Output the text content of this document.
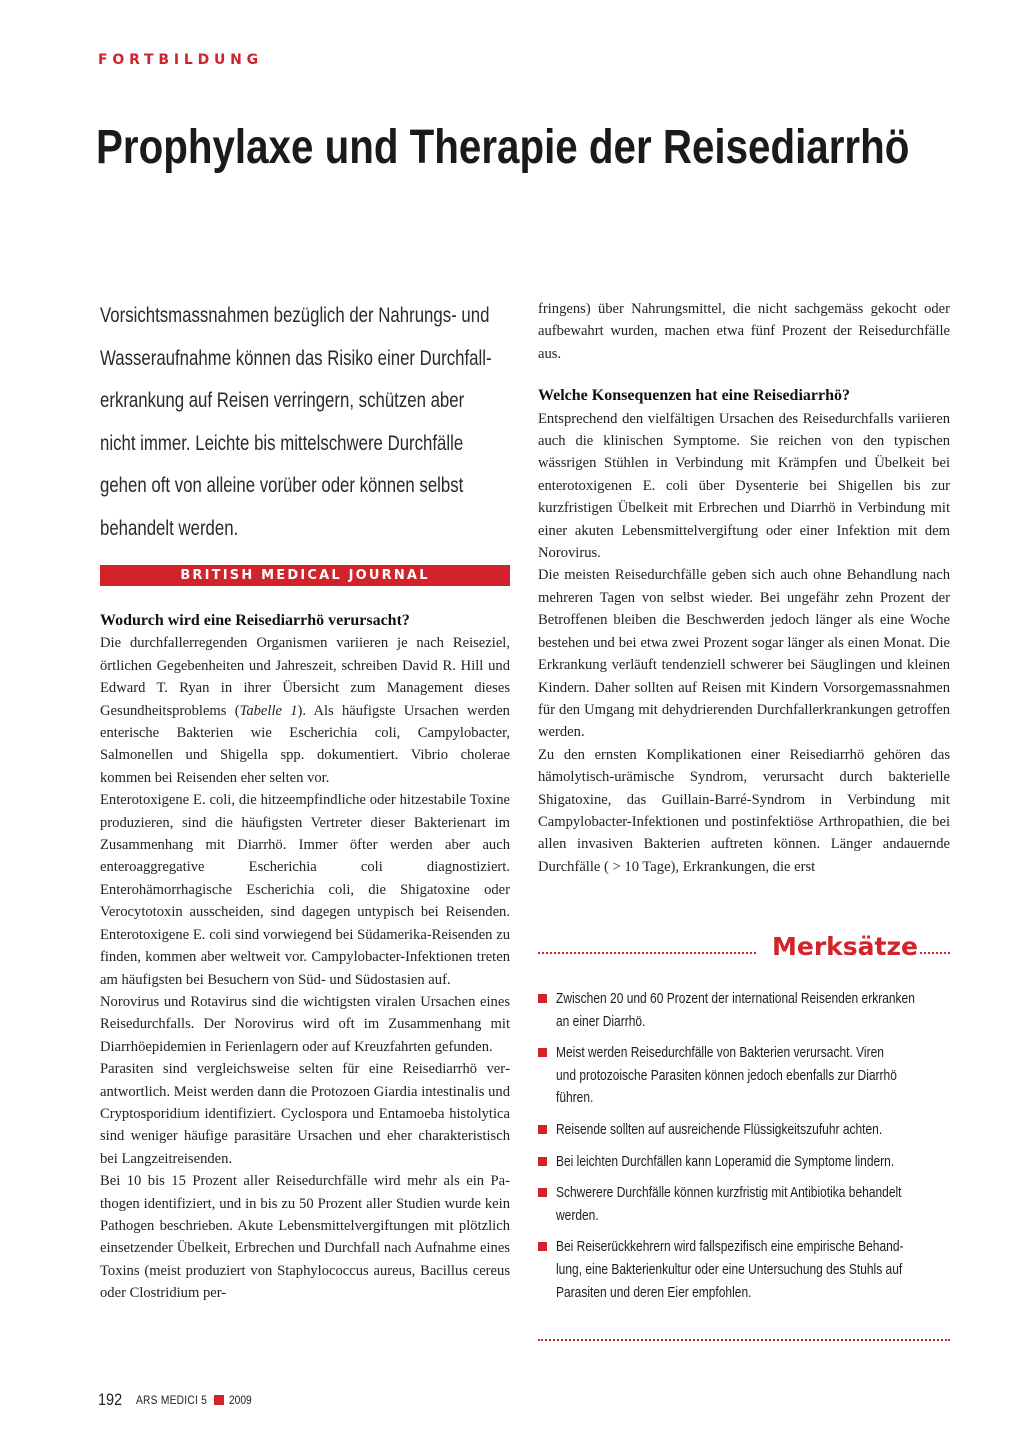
FORTBILDUNG
Prophylaxe und Therapie der Reisediarrhö
Vorsichtsmassnahmen bezüglich der Nahrungs- und
Wasseraufnahme können das Risiko einer Durchfall-
erkrankung auf Reisen verringern, schützen aber
nicht immer. Leichte bis mittelschwere Durchfälle
gehen oft von alleine vorüber oder können selbst
behandelt werden.
BRITISH MEDICAL JOURNAL
Wodurch wird eine Reisediarrhö verursacht?

Die durchfallerregenden Organismen variieren je nach Reiseziel, örtlichen Gegebenheiten und Jahreszeit, schreiben David R. Hill und Edward T. Ryan in ihrer Übersicht zum Management dieses Gesundheitsproblems (Tabelle 1). Als häufigste Ursachen werden enterische Bakterien wie Escherichia coli, Campylobacter, Salmonellen und Shigella spp. dokumentiert. Vibrio cholerae kommen bei Reisenden eher selten vor.

Enterotoxigene E. coli, die hitzeempfindliche oder hitzestabile Toxine produzieren, sind die häufigsten Vertreter dieser Bakterienart im Zusammenhang mit Diarrhö. Immer öfter werden aber auch enteroaggregative Escherichia coli diagnostiziert. Enterohämorrhagische Escherichia coli, die Shigatoxine oder Verocytotoxin ausscheiden, sind dagegen untypisch bei Reisenden. Enterotoxigene E. coli sind vorwiegend bei Südamerika-Reisenden zu finden, kommen aber weltweit vor. Campylobacter-Infektionen treten am häufigsten bei Besuchern von Süd- und Südostasien auf.

Norovirus und Rotavirus sind die wichtigsten viralen Ursachen eines Reisedurchfalls. Der Norovirus wird oft im Zusammenhang mit Diarrhöepidemien in Ferienlagern oder auf Kreuzfahrten gefunden.

Parasiten sind vergleichsweise selten für eine Reisediarrhö verantwortlich. Meist werden dann die Protozoen Giardia intestinalis und Cryptosporidium identifiziert. Cyclospora und Entamoeba histolytica sind weniger häufige parasitäre Ursachen und eher charakteristisch bei Langzeitreisenden.

Bei 10 bis 15 Prozent aller Reisedurchfälle wird mehr als ein Pathogen identifiziert, und in bis zu 50 Prozent aller Studien wurde kein Pathogen beschrieben. Akute Lebensmittelvergiftungen mit plötzlich einsetzender Übelkeit, Erbrechen und Durchfall nach Aufnahme eines Toxins (meist produziert von Staphylococcus aureus, Bacillus cereus oder Clostridium per-

fringens) über Nahrungsmittel, die nicht sachgemäss gekocht oder aufbewahrt wurden, machen etwa fünf Prozent der Reisedurchfälle aus.

Welche Konsequenzen hat eine Reisediarrhö?

Entsprechend den vielfältigen Ursachen des Reisedurchfalls variieren auch die klinischen Symptome. Sie reichen von den typischen wässrigen Stühlen in Verbindung mit Krämpfen und Übelkeit bei enterotoxigenen E. coli über Dysenterie bei Shigellen bis zur kurzfristigen Übelkeit mit Erbrechen und Diarrhö in Verbindung mit einer akuten Lebensmittelvergiftung oder einer Infektion mit dem Norovirus.

Die meisten Reisedurchfälle geben sich auch ohne Behandlung nach mehreren Tagen von selbst wieder. Bei ungefähr zehn Prozent der Betroffenen bleiben die Beschwerden jedoch länger als eine Woche bestehen und bei etwa zwei Prozent sogar länger als einen Monat. Die Erkrankung verläuft tendenziell schwerer bei Säuglingen und kleinen Kindern. Daher sollten auf Reisen mit Kindern Vorsorgemassnahmen für den Umgang mit dehydrierenden Durchfallerkrankungen getroffen werden.

Zu den ernsten Komplikationen einer Reisediarrhö gehören das hämolytisch-urämische Syndrom, verursacht durch bakterielle Shigatoxine, das Guillain-Barré-Syndrom in Verbindung mit Campylobacter-Infektionen und postinfektiöse Arthropathien, die bei allen invasiven Bakterien auftreten können. Länger andauernde Durchfälle ( > 10 Tage), Erkrankungen, die erst

Merksätze
Zwischen 20 und 60 Prozent der international Reisenden erkranken
an einer Diarrhö.
Meist werden Reisedurchfälle von Bakterien verursacht. Viren
und protozoische Parasiten können jedoch ebenfalls zur Diarrhö
führen.
Reisende sollten auf ausreichende Flüssigkeitszufuhr achten.
Bei leichten Durchfällen kann Loperamid die Symptome lindern.
Schwerere Durchfälle können kurzfristig mit Antibiotika behandelt
werden.
Bei Reiserückkehrern wird fallspezifisch eine empirische Behand-
lung, eine Bakterienkultur oder eine Untersuchung des Stuhls auf
Parasiten und deren Eier empfohlen.
192 ARS MEDICI 5 2009
